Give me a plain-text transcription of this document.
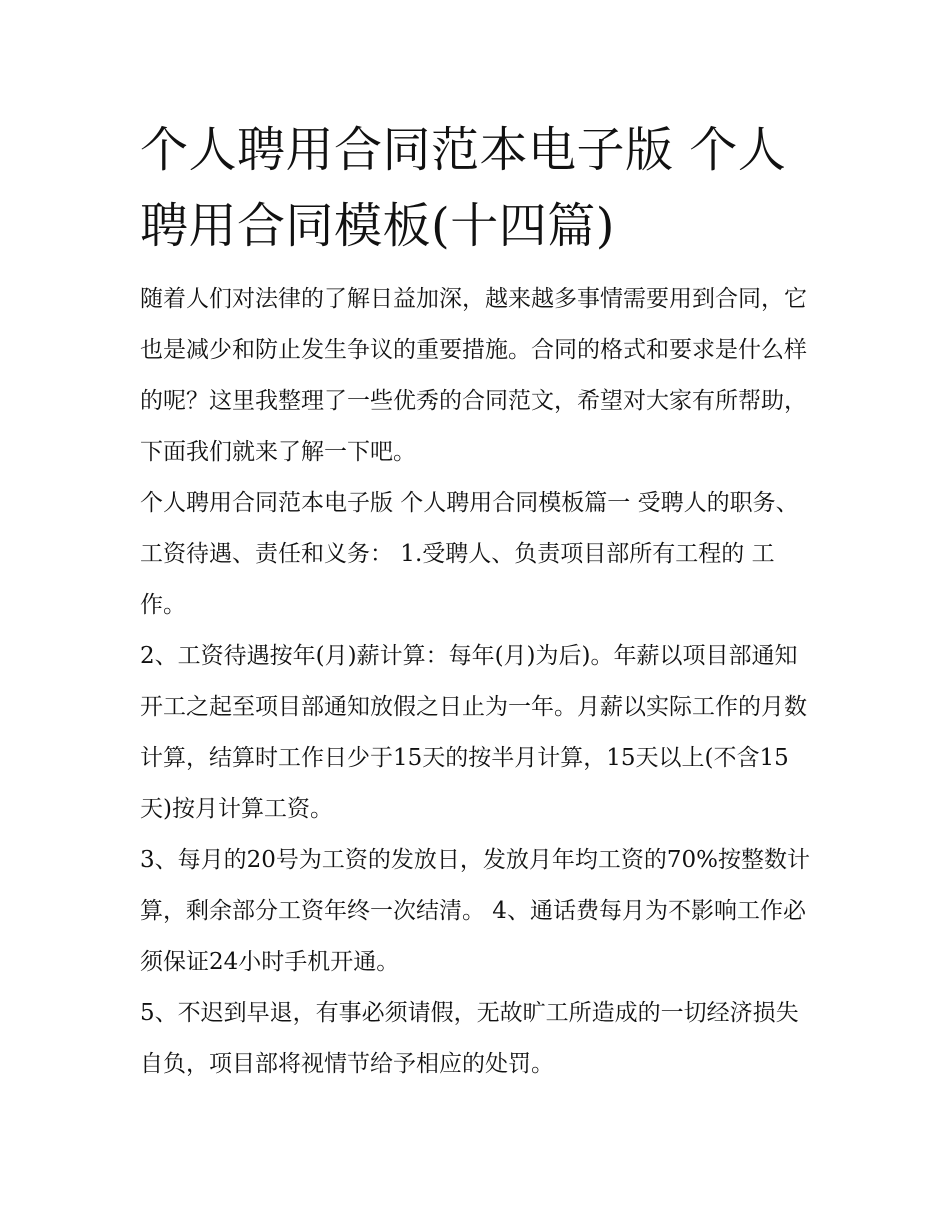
个人聘用合同范本电子版 个人聘用合同模板(十四篇)

随着人们对法律的了解日益加深，越来越多事情需要用到合同，它也是减少和防止发生争议的重要措施。合同的格式和要求是什么样的呢？这里我整理了一些优秀的合同范文，希望对大家有所帮助，下面我们就来了解一下吧。

个人聘用合同范本电子版 个人聘用合同模板篇一 受聘人的职务、工资待遇、责任和义务： 1.受聘人、负责项目部所有工程的 工作。

2、工资待遇按年(月)薪计算：每年(月)为后)。年薪以项目部通知开工之起至项目部通知放假之日止为一年。月薪以实际工作的月数计算，结算时工作日少于15天的按半月计算，15天以上(不含15天)按月计算工资。

3、每月的20号为工资的发放日，发放月年均工资的70%按整数计算，剩余部分工资年终一次结清。 4、通话费每月为不影响工作必须保证24小时手机开通。

5、不迟到早退，有事必须请假，无故旷工所造成的一切经济损失自负，项目部将视情节给予相应的处罚。
